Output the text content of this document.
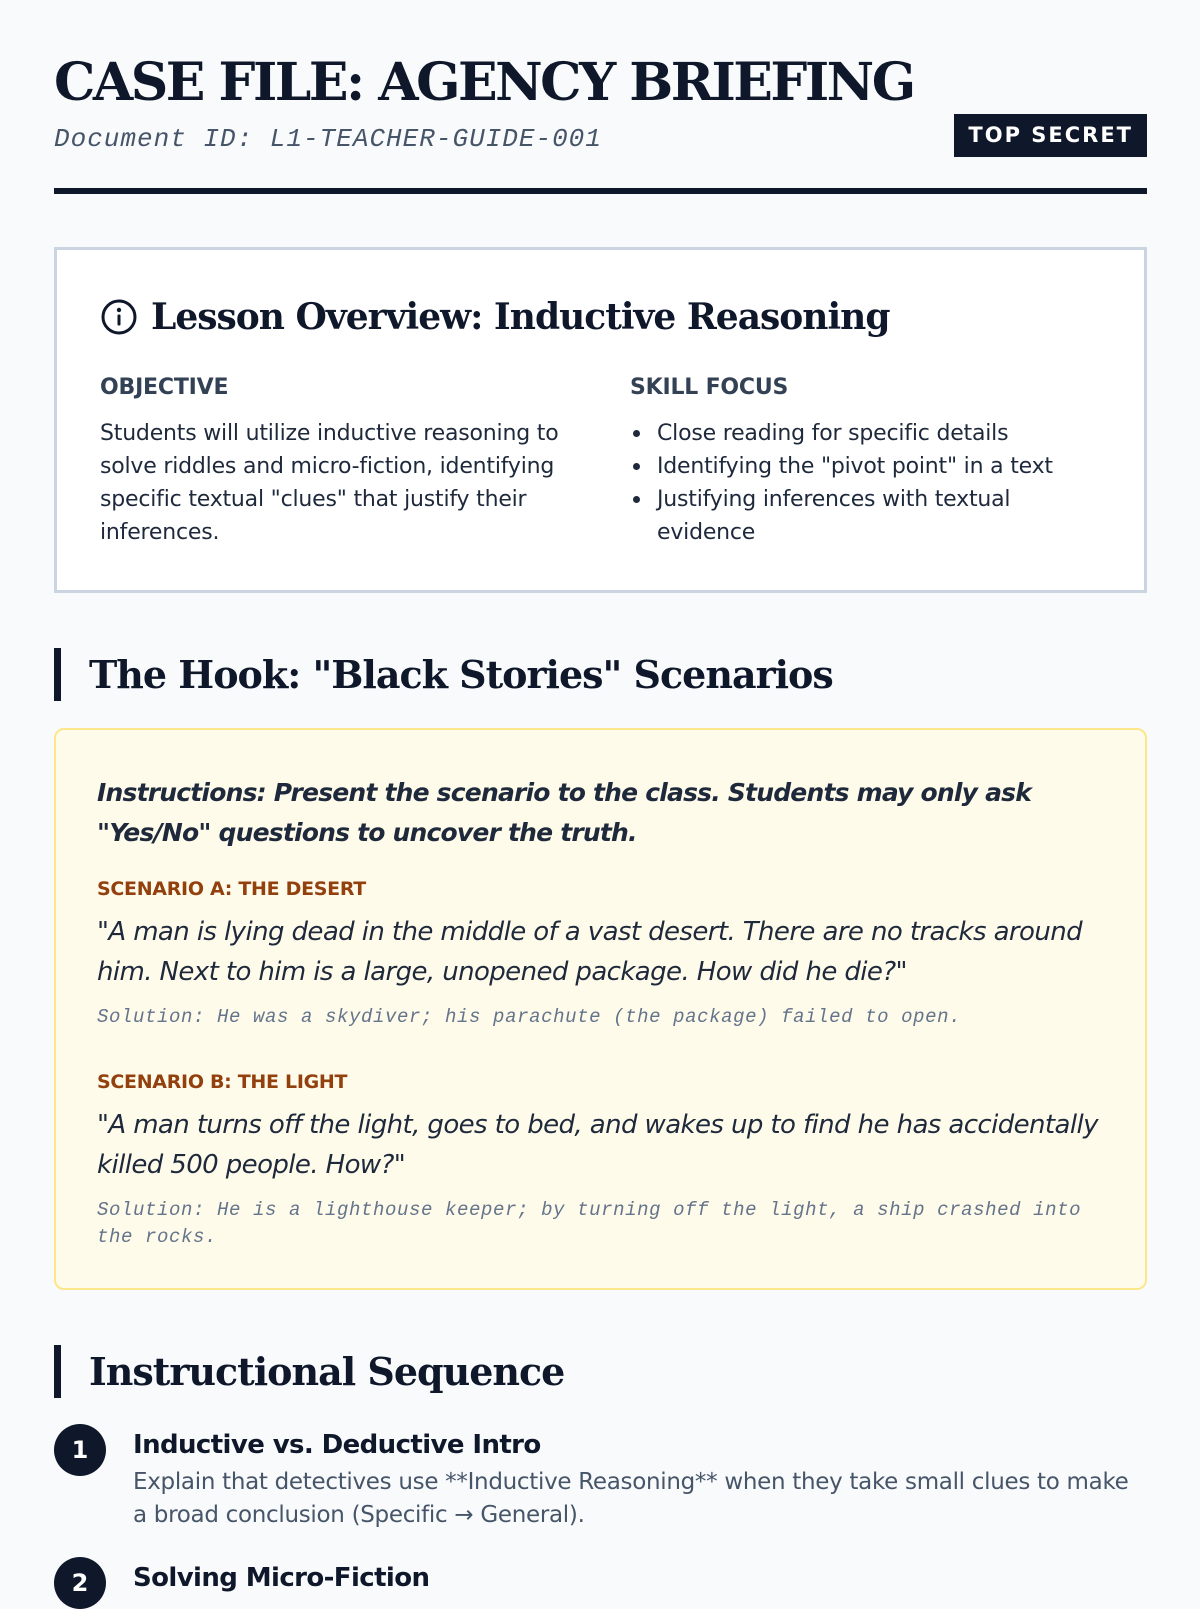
CASE FILE: AGENCY BRIEFING
Document ID: L1-TEACHER-GUIDE-001	TOP SECRET
Lesson Overview: Inductive Reasoning
OBJECTIVE
Students will utilize inductive reasoning to solve riddles and micro-fiction, identifying specific textual "clues" that justify their inferences.
SKILL FOCUS
Close reading for specific details
Identifying the "pivot point" in a text
Justifying inferences with textual evidence
The Hook: "Black Stories" Scenarios
Instructions: Present the scenario to the class. Students may only ask "Yes/No" questions to uncover the truth.
SCENARIO A: THE DESERT
"A man is lying dead in the middle of a vast desert. There are no tracks around him. Next to him is a large, unopened package. How did he die?"
Solution: He was a skydiver; his parachute (the package) failed to open.
SCENARIO B: THE LIGHT
"A man turns off the light, goes to bed, and wakes up to find he has accidentally killed 500 people. How?"
Solution: He is a lighthouse keeper; by turning off the light, a ship crashed into the rocks.
Instructional Sequence
1	Inductive vs. Deductive Intro
Explain that detectives use **Inductive Reasoning** when they take small clues to make a broad conclusion (Specific → General).
2	Solving Micro-Fiction
